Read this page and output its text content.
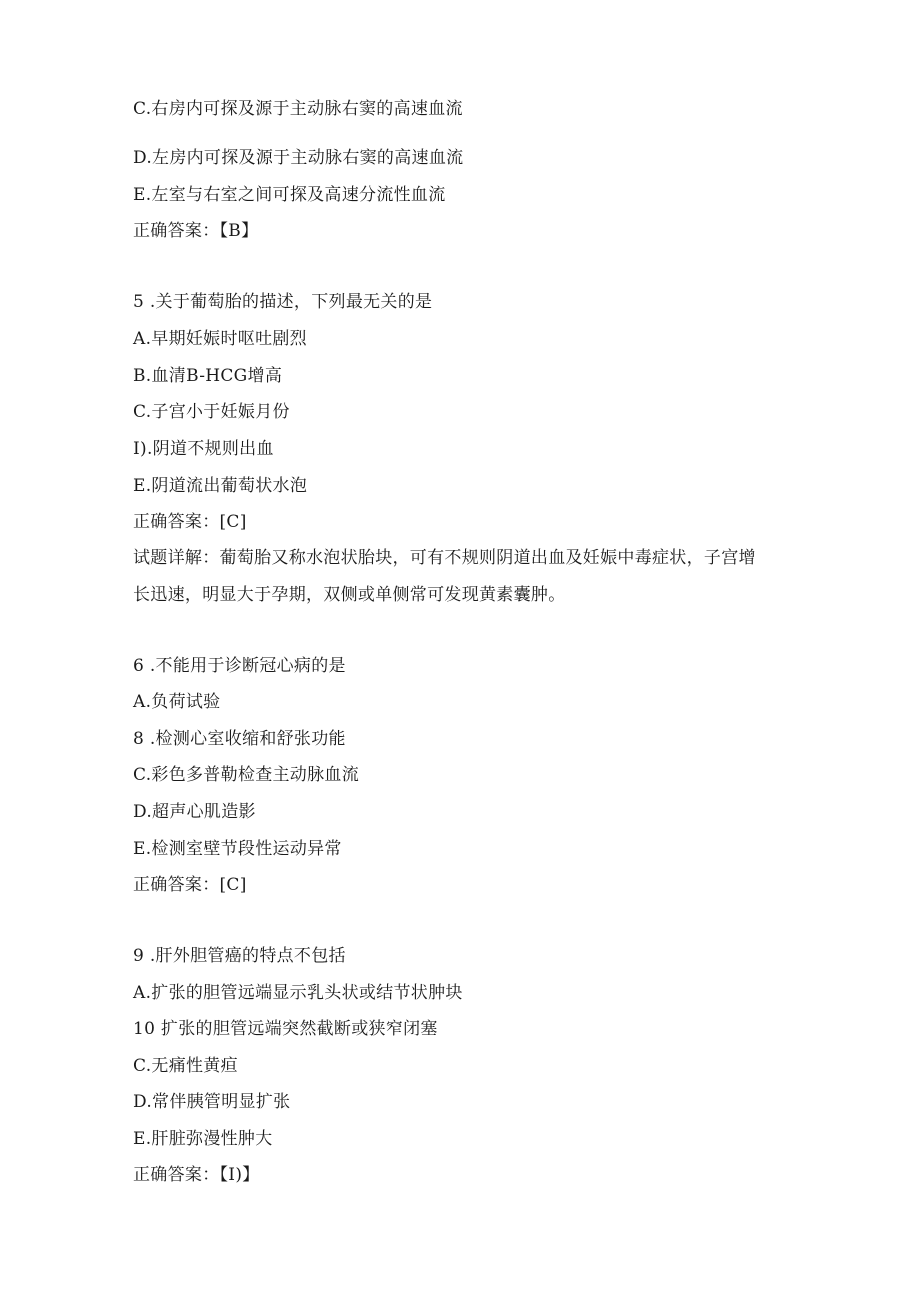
C.右房内可探及源于主动脉右窦的高速血流

D.左房内可探及源于主动脉右窦的高速血流

E.左室与右室之间可探及高速分流性血流

正确答案：【B】

5 .关于葡萄胎的描述，下列最无关的是

A.早期妊娠时呕吐剧烈

B.血清B-HCG增高

C.子宫小于妊娠月份

I).阴道不规则出血

E.阴道流出葡萄状水泡

正确答案：[C]

试题详解：葡萄胎又称水泡状胎块，可有不规则阴道出血及妊娠中毒症状，子宫增长迅速，明显大于孕期，双侧或单侧常可发现黄素囊肿。

6 .不能用于诊断冠心病的是

A.负荷试验

8 .检测心室收缩和舒张功能

C.彩色多普勒检查主动脉血流

D.超声心肌造影

E.检测室壁节段性运动异常

正确答案：[C]

9 .肝外胆管癌的特点不包括

A.扩张的胆管远端显示乳头状或结节状肿块

10 扩张的胆管远端突然截断或狭窄闭塞

C.无痛性黄疸

D.常伴胰管明显扩张

E.肝脏弥漫性肿大

正确答案：【I)】
